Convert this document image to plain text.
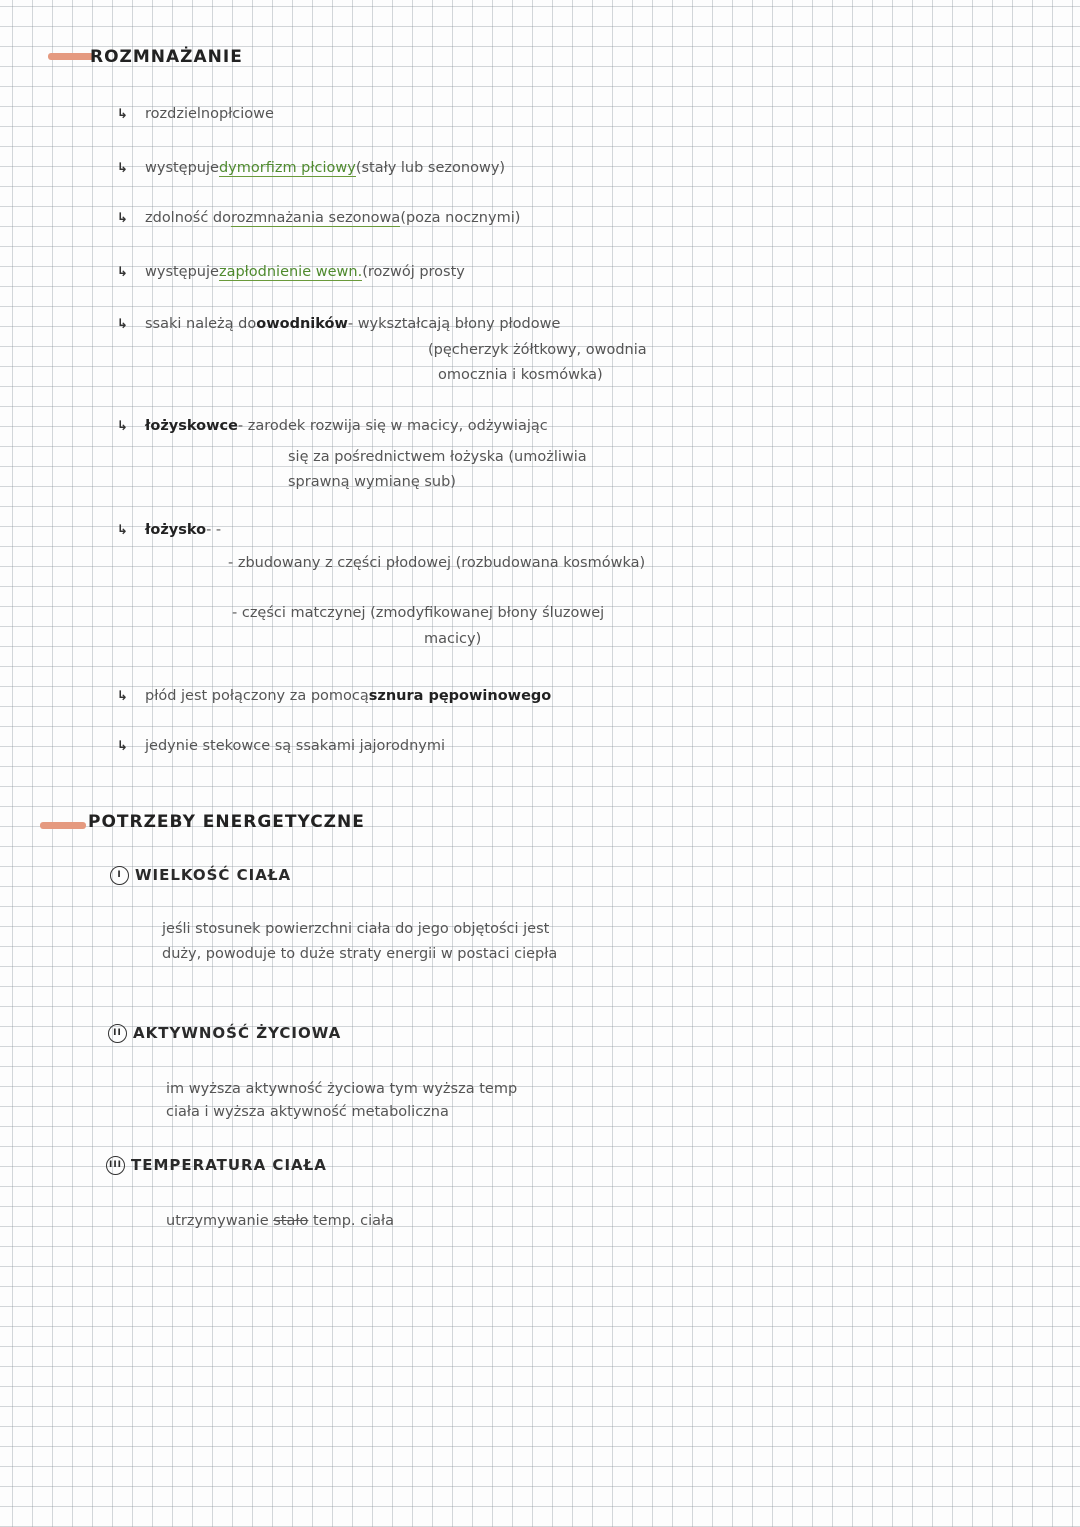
ROZMNAŻANIE
↳	rozdzielnopłciowe
↳	występuje dymorfizm płciowy (stały lub sezonowy)
↳	zdolność do rozmnażania sezonowa (poza nocznymi)
↳	występuje zapłodnienie wewn. (rozwój prosty
↳	ssaki należą do owodników - wykształcają błony płodowe
(pęcherzyk żółtkowy, owodnia
omocznia i kosmówka)
↳	łożyskowce - zarodek rozwija się w macicy, odżywiając
się za pośrednictwem łożyska (umożliwia
sprawną wymianę sub)
↳	łożysko - -
- zbudowany z części płodowej (rozbudowana kosmówka)
- części matczynej (zmodyfikowanej błony śluzowej
macicy)
↳	płód jest połączony za pomocą sznura pępowinowego
↳	jedynie stekowce są ssakami jajorodnymi
POTRZEBY ENERGETYCZNE
I WIELKOŚĆ CIAŁA
jeśli stosunek powierzchni ciała do jego objętości jest
duży, powoduje to duże straty energii w postaci ciepła
II AKTYWNOŚĆ ŻYCIOWA
im wyższa aktywność życiowa tym wyższa temp
ciała i wyższa aktywność metaboliczna
III TEMPERATURA CIAŁA
utrzymywanie stało temp. ciała
